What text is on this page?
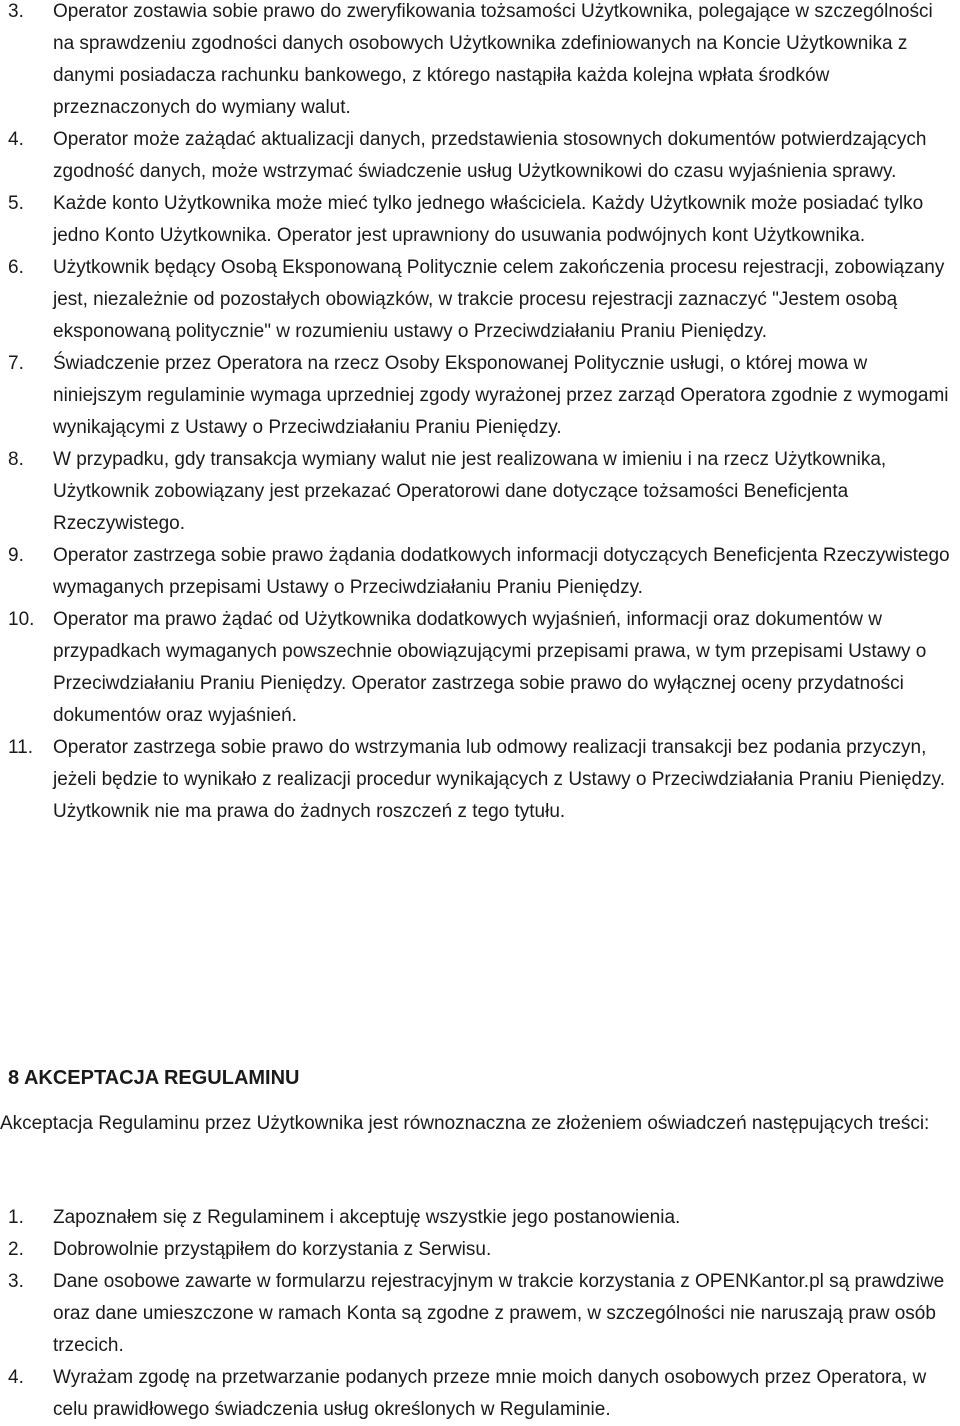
3. Operator zostawia sobie prawo do zweryfikowania tożsamości Użytkownika, polegające w szczególności na sprawdzeniu zgodności danych osobowych Użytkownika zdefiniowanych na Koncie Użytkownika z danymi posiadacza rachunku bankowego, z którego nastąpiła każda kolejna wpłata środków przeznaczonych do wymiany walut.
4. Operator może zażądać aktualizacji danych, przedstawienia stosownych dokumentów potwierdzających zgodność danych, może wstrzymać świadczenie usług Użytkownikowi do czasu wyjaśnienia sprawy.
5. Każde konto Użytkownika może mieć tylko jednego właściciela. Każdy Użytkownik może posiadać tylko jedno Konto Użytkownika. Operator jest uprawniony do usuwania podwójnych kont Użytkownika.
6. Użytkownik będący Osobą Eksponowaną Politycznie celem zakończenia procesu rejestracji, zobowiązany jest, niezależnie od pozostałych obowiązków, w trakcie procesu rejestracji zaznaczyć "Jestem osobą eksponowaną politycznie" w rozumieniu ustawy o Przeciwdziałaniu Praniu Pieniędzy.
7. Świadczenie przez Operatora na rzecz Osoby Eksponowanej Politycznie usługi, o której mowa w niniejszym regulaminie wymaga uprzedniej zgody wyrażonej przez zarząd Operatora zgodnie z wymogami wynikającymi z Ustawy o Przeciwdziałaniu Praniu Pieniędzy.
8. W przypadku, gdy transakcja wymiany walut nie jest realizowana w imieniu i na rzecz Użytkownika, Użytkownik zobowiązany jest przekazać Operatorowi dane dotyczące tożsamości Beneficjenta Rzeczywistego.
9. Operator zastrzega sobie prawo żądania dodatkowych informacji dotyczących Beneficjenta Rzeczywistego wymaganych przepisami Ustawy o Przeciwdziałaniu Praniu Pieniędzy.
10. Operator ma prawo żądać od Użytkownika dodatkowych wyjaśnień, informacji oraz dokumentów w przypadkach wymaganych powszechnie obowiązującymi przepisami prawa, w tym przepisami Ustawy o Przeciwdziałaniu Praniu Pieniędzy. Operator zastrzega sobie prawo do wyłącznej oceny przydatności dokumentów oraz wyjaśnień.
11. Operator zastrzega sobie prawo do wstrzymania lub odmowy realizacji transakcji bez podania przyczyn, jeżeli będzie to wynikało z realizacji procedur wynikających z Ustawy o Przeciwdziałania Praniu Pieniędzy. Użytkownik nie ma prawa do żadnych roszczeń z tego tytułu.
8 AKCEPTACJA REGULAMINU
Akceptacja Regulaminu przez Użytkownika jest równoznaczna ze złożeniem oświadczeń następujących treści:
1. Zapoznałem się z Regulaminem i akceptuję wszystkie jego postanowienia.
2. Dobrowolnie przystąpiłem do korzystania z Serwisu.
3. Dane osobowe zawarte w formularzu rejestracyjnym w trakcie korzystania z OPENKantor.pl są prawdziwe oraz dane umieszczone w ramach Konta są zgodne z prawem, w szczególności nie naruszają praw osób trzecich.
4. Wyrażam zgodę na przetwarzanie podanych przeze mnie moich danych osobowych przez Operatora, w celu prawidłowego świadczenia usług określonych w Regulaminie.
